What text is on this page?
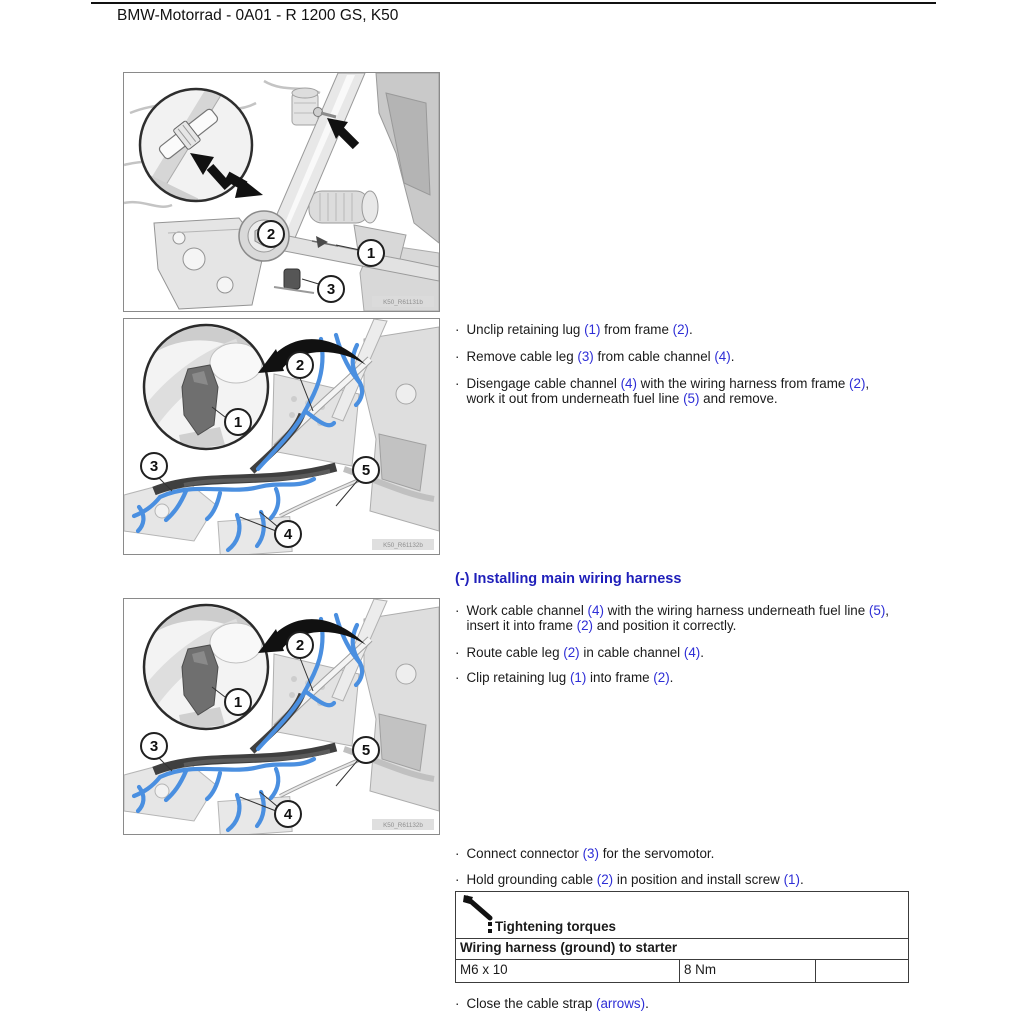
BMW-Motorrad - 0A01 - R 1200 GS, K50
2
1
3
K50_R61131b
· Unclip retaining lug (1) from frame (2).
· Remove cable leg (3) from cable channel (4).
· Disengage cable channel (4) with the wiring harness from frame (2),
work it out from underneath fuel line (5) and remove.
(-) Installing main wiring harness
· Work cable channel (4) with the wiring harness underneath fuel line (5),
insert it into frame (2) and position it correctly.
· Route cable leg (2) in cable channel (4).
· Clip retaining lug (1) into frame (2).
· Connect connector (3) for the servomotor.
· Hold grounding cable (2) in position and install screw (1).
Tightening torques
Wiring harness (ground) to starter
M6 x 10	8 Nm
· Close the cable strap (arrows).
